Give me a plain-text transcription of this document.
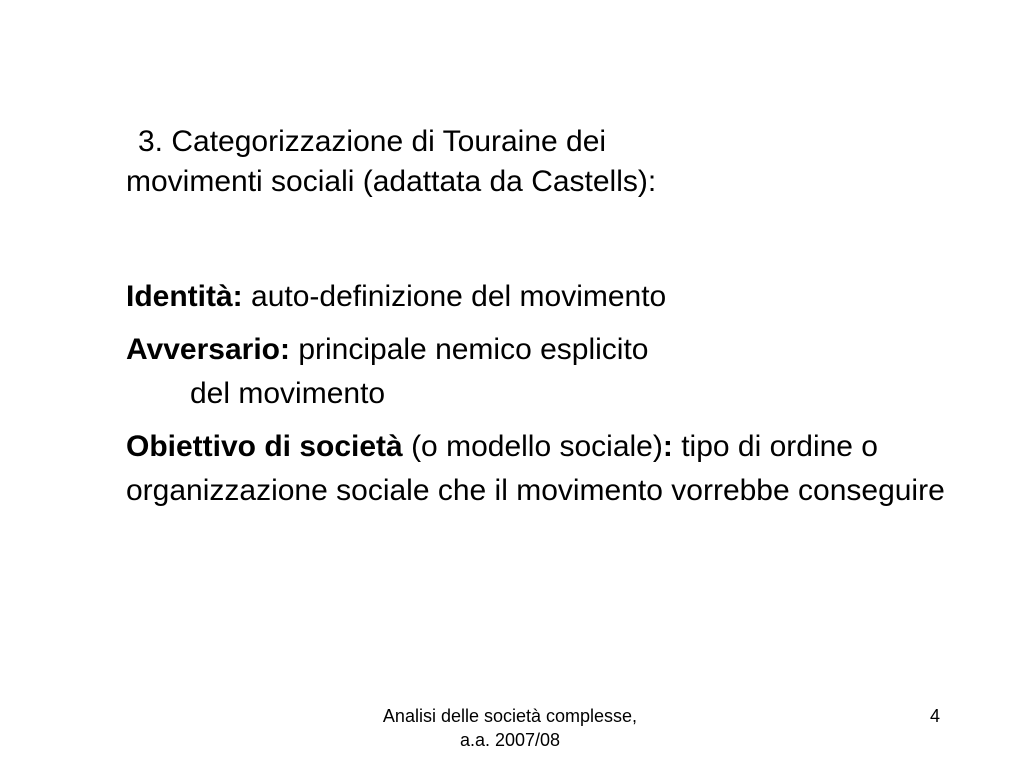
3. Categorizzazione di Touraine dei
movimenti sociali (adattata da Castells):
Identità: auto-definizione del movimento
Avversario: principale nemico esplicito
del movimento
Obiettivo di società (o modello sociale): tipo di ordine o organizzazione sociale che il movimento vorrebbe conseguire
Analisi delle società complesse,
a.a. 2007/08
4
